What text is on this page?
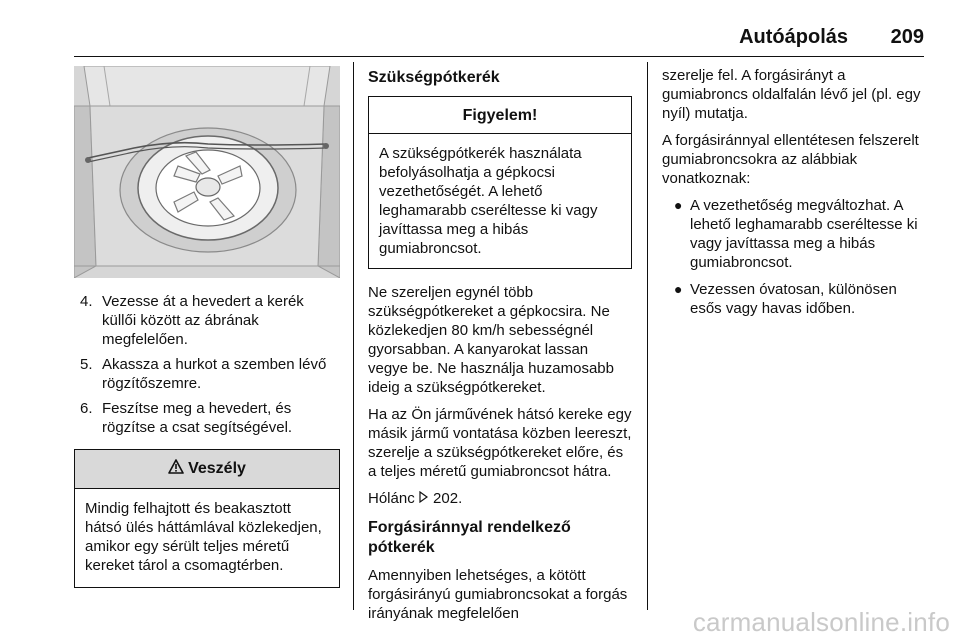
Autóápolás 209
4. Vezesse át a hevedert a kerék küllői között az ábrának megfelelően.
5. Akassza a hurkot a szemben lévő rögzítőszemre.
6. Feszítse meg a hevedert, és rögzítse a csat segítségével.
Veszély
Mindig felhajtott és beakasztott hátsó ülés háttámlával közlekedjen, amikor egy sérült teljes méretű kereket tárol a csomagtérben.
Szükségpótkerék
Figyelem!
A szükségpótkerék használata befolyásolhatja a gépkocsi vezethetőségét. A lehető leghamarabb cseréltesse ki vagy javíttassa meg a hibás gumiabroncsot.

Ne szereljen egynél több szükségpótkereket a gépkocsira. Ne közlekedjen 80 km/h sebességnél gyorsabban. A kanyarokat lassan vegye be. Ne használja huzamosabb ideig a szükségpótkereket.

Ha az Ön járművének hátsó kereke egy másik jármű vontatása közben leereszt, szerelje a szükségpótkereket előre, és a teljes méretű gumiabroncsot hátra.

Hólánc 202.

Forgásiránnyal rendelkező pótkerék

Amennyiben lehetséges, a kötött forgásirányú gumiabroncsokat a forgás irányának megfelelően

szerelje fel. A forgásirányt a gumiabroncs oldalfalán lévő jel (pl. egy nyíl) mutatja.

A forgásiránnyal ellentétesen felszerelt gumiabroncsokra az alábbiak vonatkoznak:

● A vezethetőség megváltozhat. A lehető leghamarabb cseréltesse ki vagy javíttassa meg a hibás gumiabroncsot.
● Vezessen óvatosan, különösen esős vagy havas időben.
carmanualsonline.info
